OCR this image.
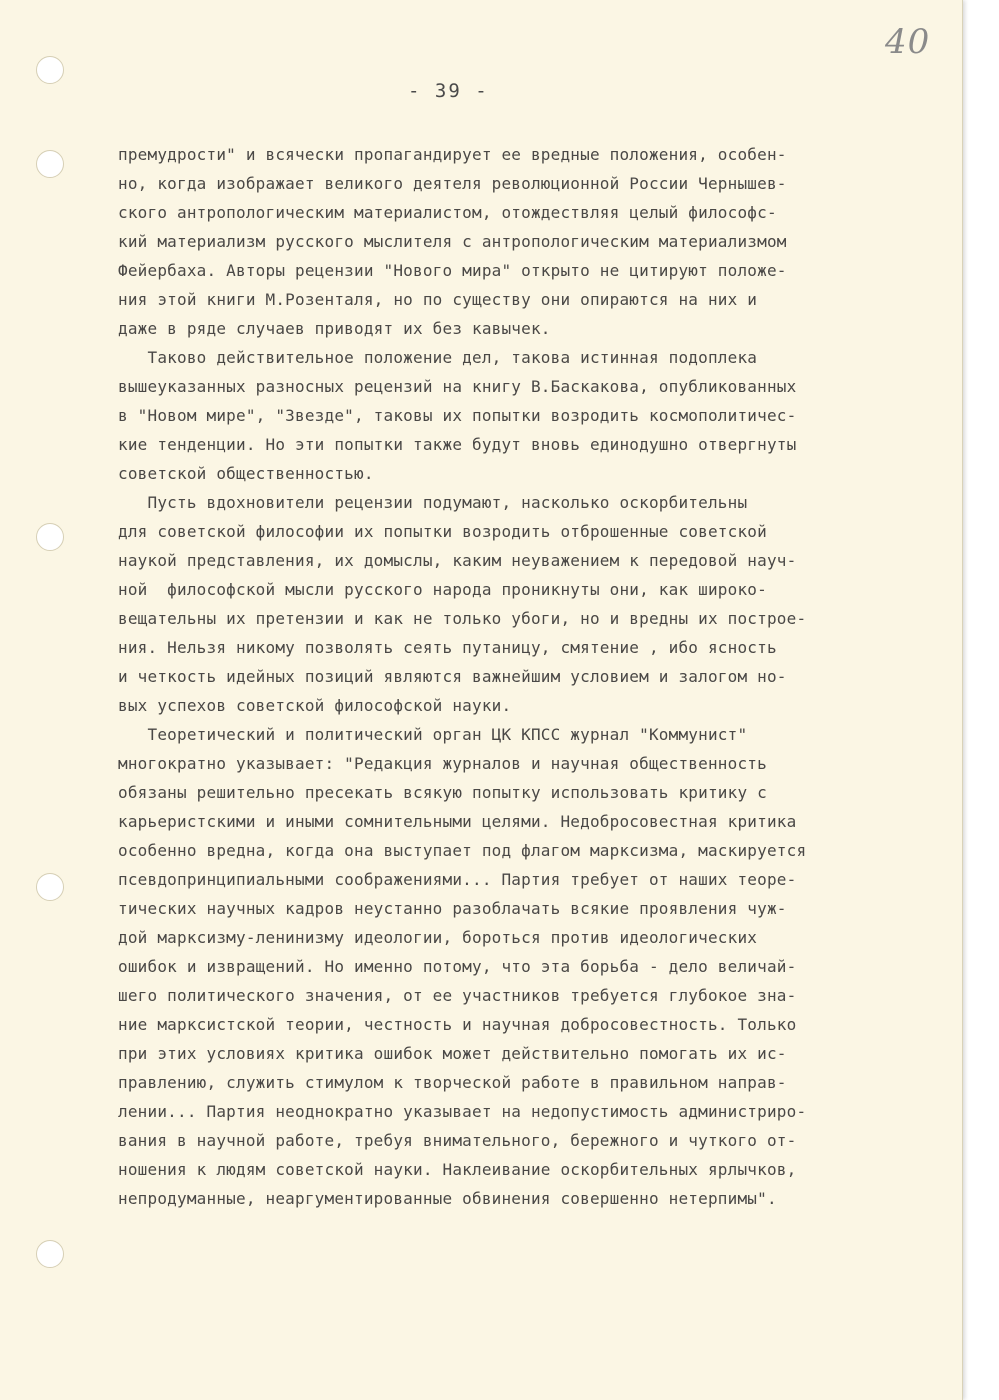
40
- 39 -
премудрости" и всячески пропагандирует ее вредные положения, особен-
но, когда изображает великого деятеля революционной России Чернышев-
ского антропологическим материалистом, отождествляя целый философс-
кий материализм русского мыслителя с антропологическим материализмом
Фейербаха. Авторы рецензии "Нового мира" открыто не цитируют положе-
ния этой книги М.Розенталя, но по существу они опираются на них и
даже в ряде случаев приводят их без кавычек.
Таково действительное положение дел, такова истинная подоплека
вышеуказанных разносных рецензий на книгу В.Баскакова, опубликованных
в "Новом мире", "Звезде", таковы их попытки возродить космополитичес-
кие тенденции. Но эти попытки также будут вновь единодушно отвергнуты
советской общественностью.
Пусть вдохновители рецензии подумают, насколько оскорбительны
для советской философии их попытки возродить отброшенные советской
наукой представления, их домыслы, каким неуважением к передовой науч-
ной  философской мысли русского народа проникнуты они, как широко-
вещательны их претензии и как не только убоги, но и вредны их построе-
ния. Нельзя никому позволять сеять путаницу, смятение , ибо ясность
и четкость идейных позиций являются важнейшим условием и залогом но-
вых успехов советской философской науки.
Теоретический и политический орган ЦК КПСС журнал "Коммунист"
многократно указывает: "Редакция журналов и научная общественность
обязаны решительно пресекать всякую попытку использовать критику с
карьеристскими и иными сомнительными целями. Недобросовестная критика
особенно вредна, когда она выступает под флагом марксизма, маскируется
псевдопринципиальными соображениями... Партия требует от наших теоре-
тических научных кадров неустанно разоблачать всякие проявления чуж-
дой марксизму-ленинизму идеологии, бороться против идеологических
ошибок и извращений. Но именно потому, что эта борьба - дело величай-
шего политического значения, от ее участников требуется глубокое зна-
ние марксистской теории, честность и научная добросовестность. Только
при этих условиях критика ошибок может действительно помогать их ис-
правлению, служить стимулом к творческой работе в правильном направ-
лении... Партия неоднократно указывает на недопустимость администриро-
вания в научной работе, требуя внимательного, бережного и чуткого от-
ношения к людям советской науки. Наклеивание оскорбительных ярлычков,
непродуманные, неаргументированные обвинения совершенно нетерпимы".
